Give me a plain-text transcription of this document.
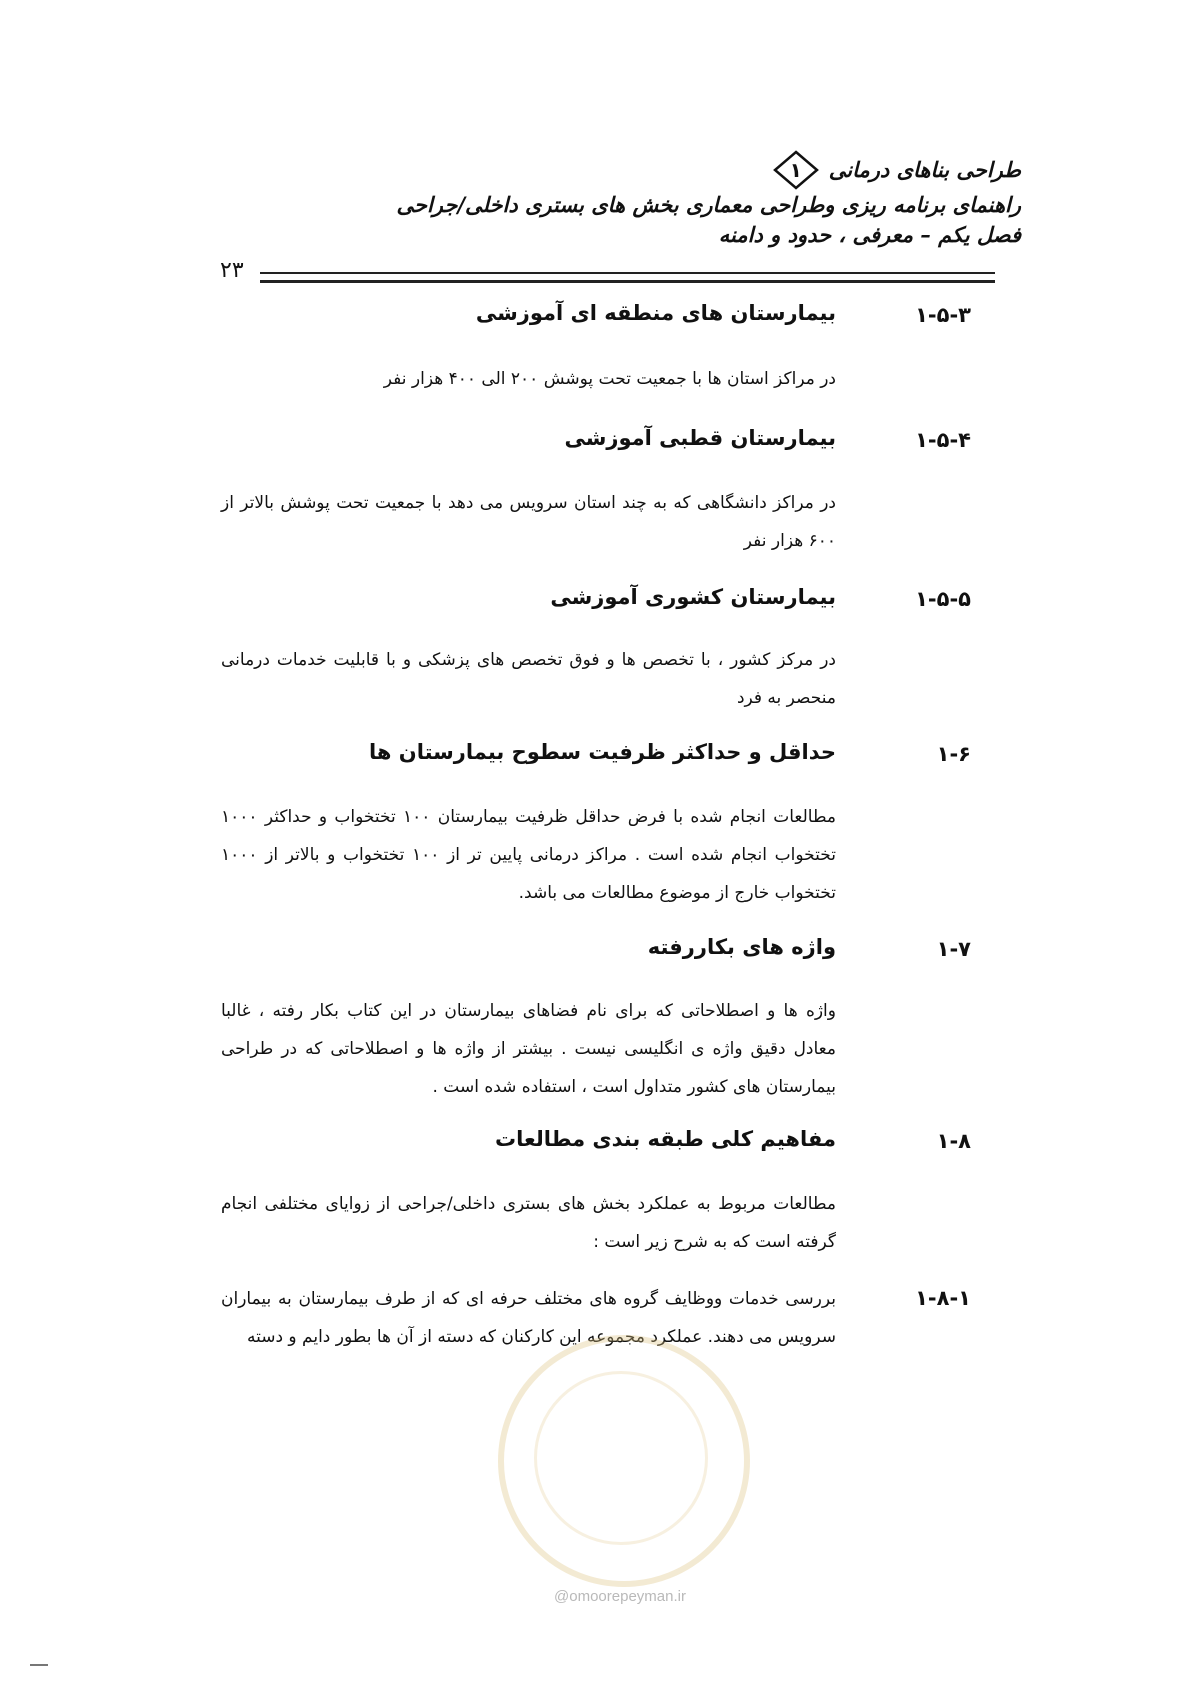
طراحی بناهای درمانی
۱
راهنمای برنامه ریزی وطراحی معماری بخش های بستری داخلی/جراحی
فصل یکم – معرفی ، حدود و دامنه
۲۳
۱-۵-۳
بیمارستان های منطقه ای آموزشی
در مراکز استان ها با جمعیت تحت پوشش ۲۰۰ الی ۴۰۰ هزار نفر
۱-۵-۴
بیمارستان قطبی آموزشی
در مراکز دانشگاهی که به چند استان سرویس می دهد با جمعیت تحت پوشش بالاتر از ۶۰۰ هزار نفر
۱-۵-۵
بیمارستان کشوری آموزشی
در مرکز کشور ، با تخصص ها و فوق تخصص های پزشکی و با قابلیت خدمات درمانی منحصر به فرد
۱-۶
حداقل و حداکثر ظرفیت سطوح بیمارستان ها
مطالعات انجام شده با فرض حداقل ظرفیت بیمارستان ۱۰۰ تختخواب و حداکثر ۱۰۰۰ تختخواب انجام شده است . مراکز درمانی پایین تر از ۱۰۰ تختخواب و بالاتر از ۱۰۰۰ تختخواب خارج از موضوع مطالعات می باشد.
۱-۷
واژه های بکاررفته
واژه ها و اصطلاحاتی که برای نام فضاهای بیمارستان در این کتاب بکار رفته ، غالبا معادل دقیق واژه ی انگلیسی نیست . بیشتر از واژه ها و اصطلاحاتی که در طراحی بیمارستان های کشور متداول است ، استفاده شده است .
۱-۸
مفاهیم کلی طبقه بندی مطالعات
مطالعات مربوط به عملکرد بخش های بستری داخلی/جراحی از زوایای مختلفی انجام گرفته است که به شرح زیر است :
۱-۸-۱
بررسی خدمات ووظایف گروه های مختلف حرفه ای که از طرف بیمارستان به بیماران سرویس می دهند. عملکرد مجموعه این کارکنان که دسته از آن ها بطور دایم و دسته
@omoorepeyman.ir
